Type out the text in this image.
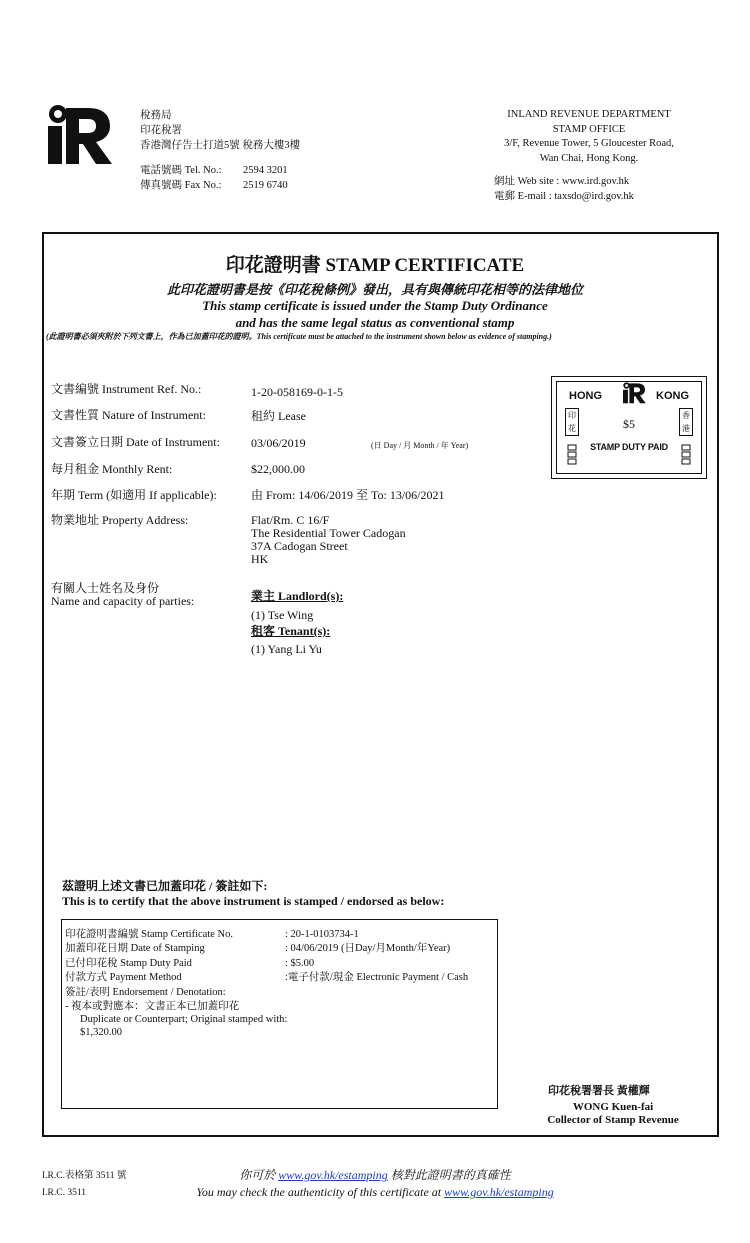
稅務局
印花稅署
香港灣仔告士打道5號 稅務大樓3樓
電話號碼 Tel. No.: 2594 3201
傳真號碼 Fax No.: 2519 6740
INLAND REVENUE DEPARTMENT
STAMP OFFICE
3/F, Revenue Tower, 5 Gloucester Road,
Wan Chai, Hong Kong.
網址 Web site : www.ird.gov.hk
電郵 E-mail : taxsdo@ird.gov.hk
印花證明書 STAMP CERTIFICATE
此印花證明書是按《印花稅條例》發出，具有與傳統印花相等的法律地位
This stamp certificate is issued under the Stamp Duty Ordinance
and has the same legal status as conventional stamp
(此證明書必須夾附於下列文書上，作為已加蓋印花的證明。This certificate must be attached to the instrument shown below as evidence of stamping.)
文書編號 Instrument Ref. No.:	1-20-058169-0-1-5
文書性質 Nature of Instrument:	租約 Lease
文書簽立日期 Date of Instrument:	03/06/2019	(日 Day / 月 Month / 年 Year)
每月租金 Monthly Rent:	$22,000.00
年期 Term (如適用 If applicable):	由 From: 14/06/2019 至 To: 13/06/2021
物業地址 Property Address:	Flat/Rm. C 16/F
The Residential Tower Cadogan
37A Cadogan Street
HK
有關人士姓名及身份
Name and capacity of parties:	業主 Landlord(s):
(1) Tse Wing
租客 Tenant(s):
(1) Yang Li Yu
HONG	KONG
印花
香港
$5
STAMP DUTY PAID
茲證明上述文書已加蓋印花 / 簽註如下:
This is to certify that the above instrument is stamped / endorsed as below:
印花證明書編號 Stamp Certificate No.	: 20-1-0103734-1
加蓋印花日期 Date of Stamping	: 04/06/2019 (日Day/月Month/年Year)
已付印花稅 Stamp Duty Paid	: $5.00
付款方式 Payment Method	:電子付款/現金 Electronic Payment / Cash
簽註/表明 Endorsement / Denotation:
- 複本或對應本：文書正本已加蓋印花
Duplicate or Counterpart; Original stamped with:
$1,320.00
印花稅署署長 黃權輝
WONG Kuen-fai
Collector of Stamp Revenue
I.R.C.表格第 3511 號
I.R.C. 3511
你可於 www.gov.hk/estamping 核對此證明書的真確性
You may check the authenticity of this certificate at www.gov.hk/estamping
